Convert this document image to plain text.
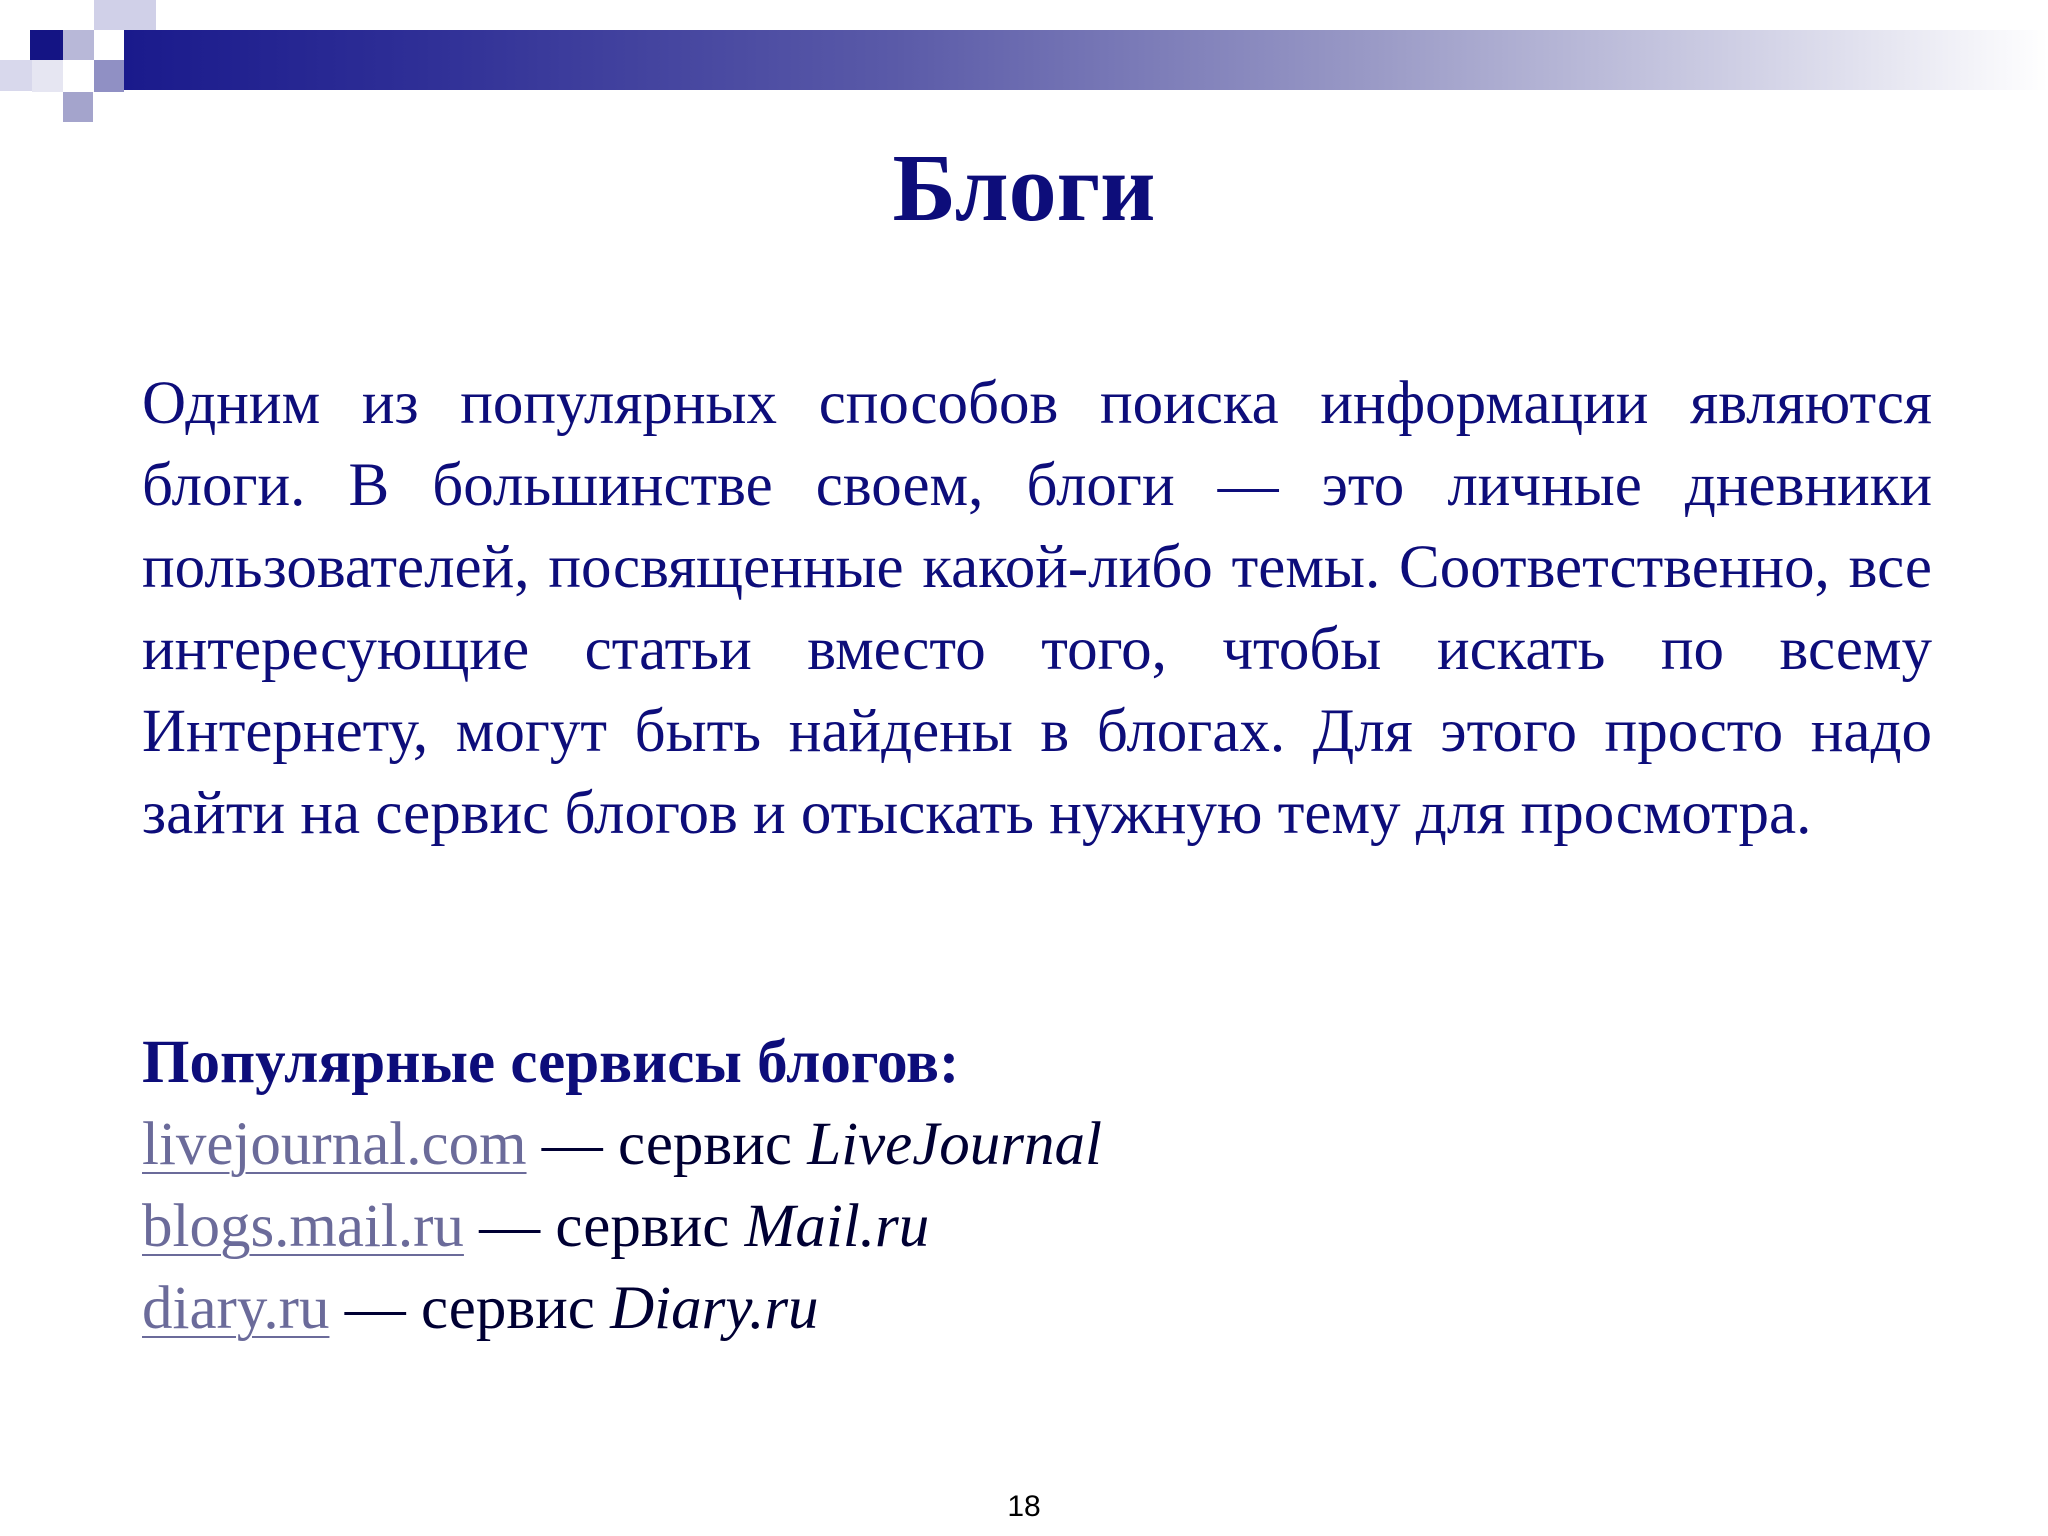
Блоги

Одним из популярных способов поиска информации являются блоги. В большинстве своем, блоги — это личные дневники пользователей, посвященные какой-либо темы. Соответственно, все интересующие статьи вместо того, чтобы искать по всему Интернету, могут быть найдены в блогах. Для этого просто надо зайти на сервис блогов и отыскать нужную тему для просмотра.

Популярные сервисы блогов:

livejournal.com — сервис LiveJournal

blogs.mail.ru — сервис Mail.ru

diary.ru — сервис Diary.ru

18
